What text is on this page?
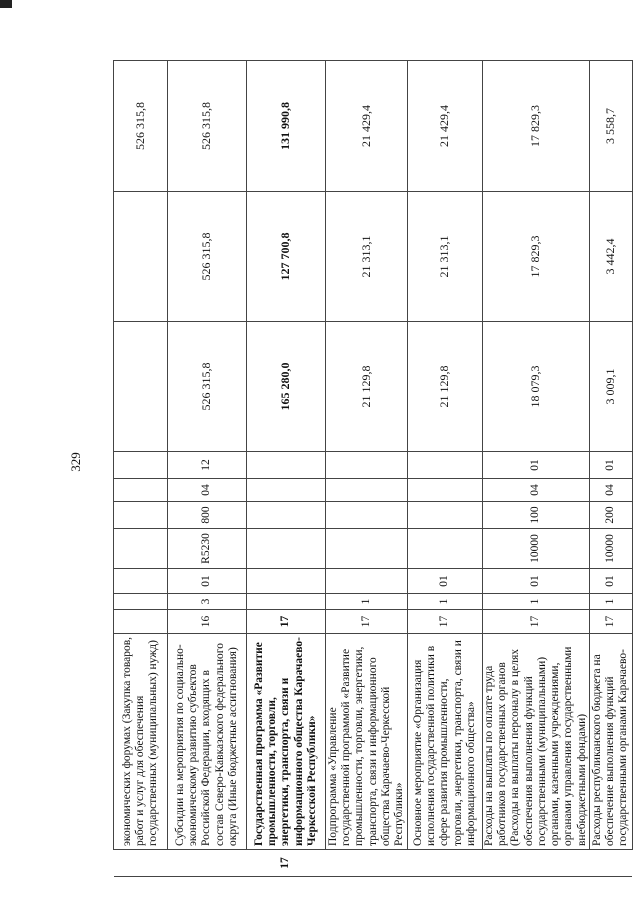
329
	экономических форумах (Закупка товаров, работ и услуг для обеспечения государственных (муниципальных) нужд)										526 315,8
	Субсидии на мероприятия по социально-экономическому развитию субъектов Российской Федерации, входящих в состав Северо-Кавказского федерального округа (Иные бюджетные ассигнования)	16	3	01	R5230	800	04	12	526 315,8	526 315,8	526 315,8
17	Государственная программа «Развитие промышленности, торговли, энергетики, транспорта, связи и информационного общества Карачаево-Черкесской Республики»	17							165 280,0	127 700,8	131 990,8
	Подпрограмма «Управление государственной программой «Развитие промышленности, торговли, энергетики, транспорта, связи и информационного общества Карачаево-Черкесской Республики»	17	1						21 129,8	21 313,1	21 429,4
	Основное мероприятие «Организация исполнения государственной политики в сфере развития промышленности, торговли, энергетики, транспорта, связи и информационного общества»	17	1	01					21 129,8	21 313,1	21 429,4
	Расходы на выплаты по оплате труда работников государственных органов (Расходы на выплаты персоналу в целях обеспечения выполнения функций государственными (муниципальными) органами, казенными учреждениями, органами управления государственными внебюджетными фондами)	17	1	01	10000	100	04	01	18 079,3	17 829,3	17 829,3
	Расходы республиканского бюджета на обеспечение выполнения функций государственными органами Карачаево-	17	1	01	10000	200	04	01	3 009,1	3 442,4	3 558,7
